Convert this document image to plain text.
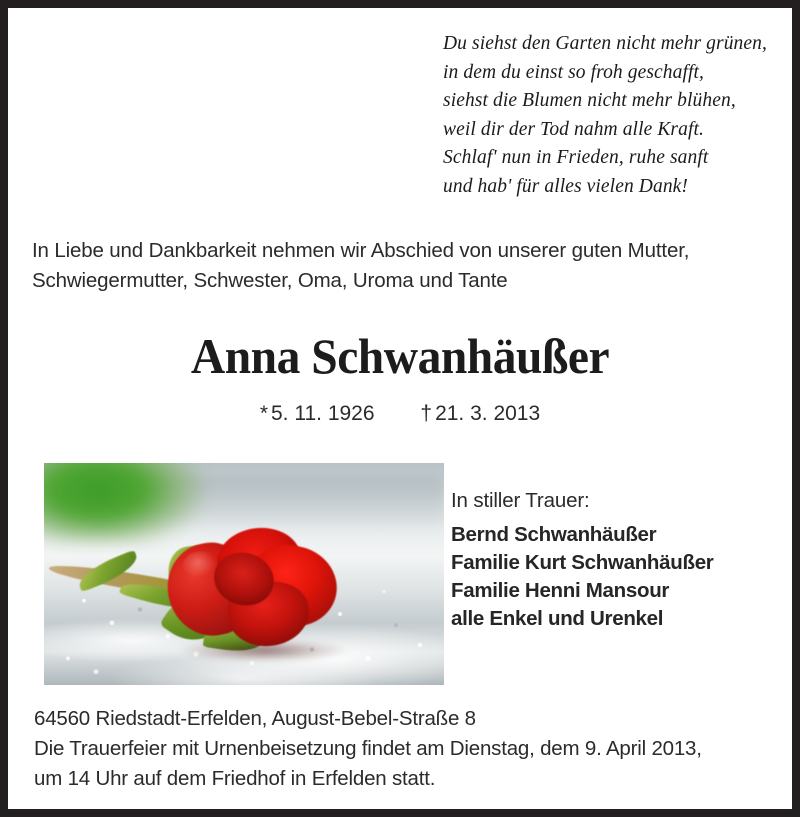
Du siehst den Garten nicht mehr grünen,
in dem du einst so froh geschafft,
siehst die Blumen nicht mehr blühen,
weil dir der Tod nahm alle Kraft.
Schlaf' nun in Frieden, ruhe sanft
und hab' für alles vielen Dank!
In Liebe und Dankbarkeit nehmen wir Abschied von unserer guten Mutter, Schwiegermutter, Schwester, Oma, Uroma und Tante
Anna Schwanhäußer
* 5. 11. 1926 † 21. 3. 2013
In stiller Trauer:
Bernd Schwanhäußer
Familie Kurt Schwanhäußer
Familie Henni Mansour
alle Enkel und Urenkel
64560 Riedstadt-Erfelden, August-Bebel-Straße 8
Die Trauerfeier mit Urnenbeisetzung findet am Dienstag, dem 9. April 2013,
um 14 Uhr auf dem Friedhof in Erfelden statt.
